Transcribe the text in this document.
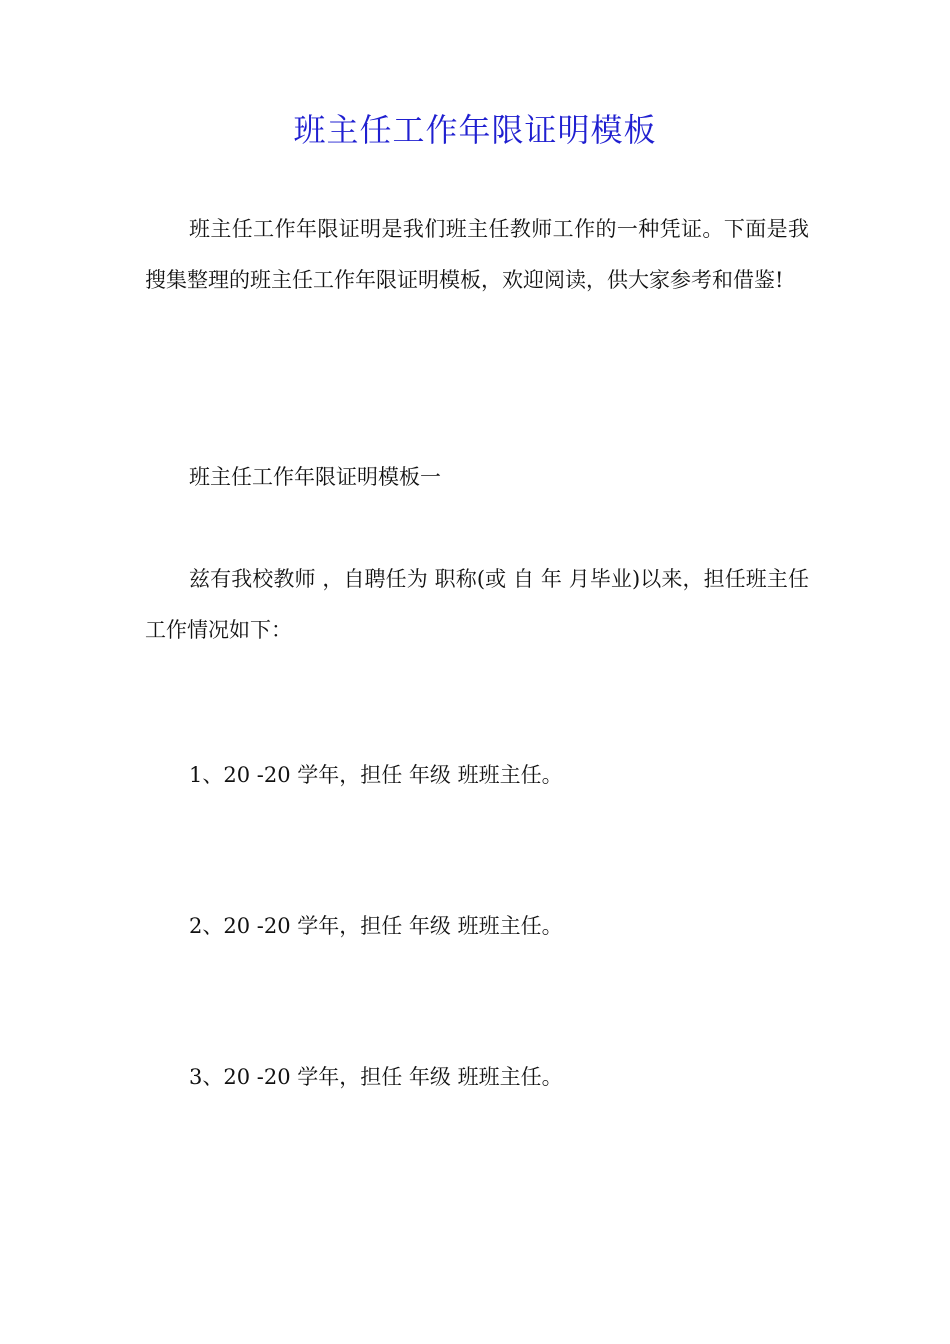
班主任工作年限证明模板

班主任工作年限证明是我们班主任教师工作的一种凭证。下面是我搜集整理的班主任工作年限证明模板，欢迎阅读，供大家参考和借鉴!

班主任工作年限证明模板一

兹有我校教师 ，自聘任为 职称(或 自 年 月毕业)以来，担任班主任工作情况如下：

1、20 -20 学年，担任 年级 班班主任。

2、20 -20 学年，担任 年级 班班主任。

3、20 -20 学年，担任 年级 班班主任。
